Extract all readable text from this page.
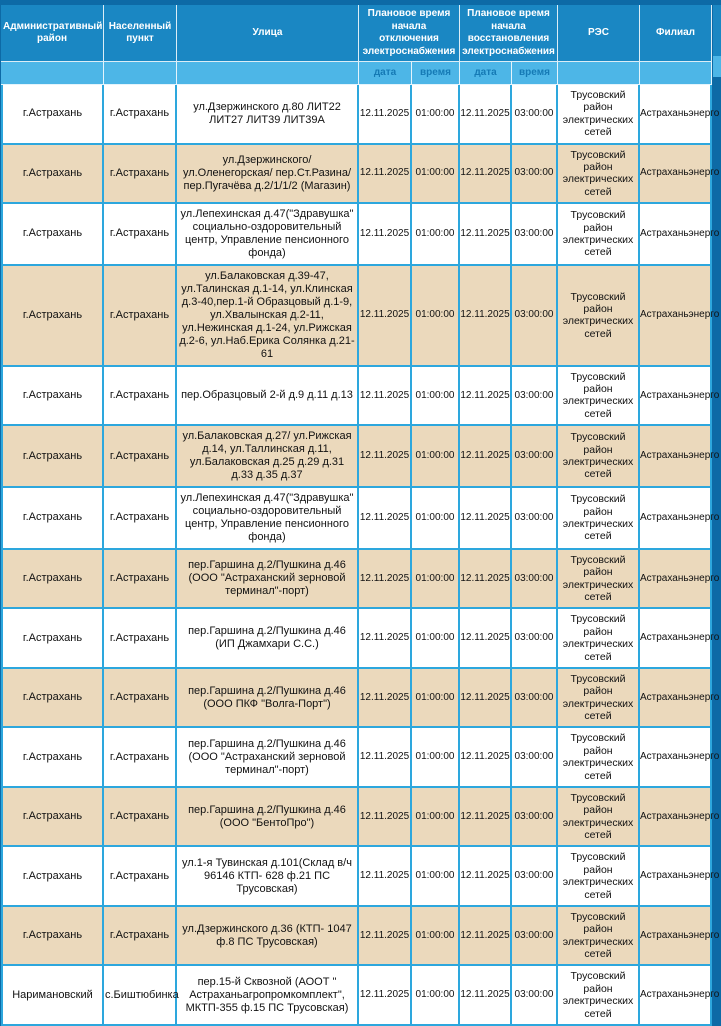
Административный район	Населенный пункт	Улица	Плановое время начала отключения электроснабжения		Плановое время начала восстановления электроснабжения		РЭС	Филиал
			дата	время	дата	время		
г.Астрахань	г.Астрахань	ул.Дзержинского д.80 ЛИТ22 ЛИТ27 ЛИТ39 ЛИТ39А	12.11.2025	01:00:00	12.11.2025	03:00:00	Трусовский район электрических сетей	Астраханьэнерго
г.Астрахань	г.Астрахань	ул.Дзержинского/ ул.Оленегорская/ пер.Ст.Разина/ пер.Пугачёва д.2/1/1/2 (Магазин)	12.11.2025	01:00:00	12.11.2025	03:00:00	Трусовский район электрических сетей	Астраханьэнерго
г.Астрахань	г.Астрахань	ул.Лепехинская д.47("Здравушка" социально-оздоровительный центр, Управление пенсионного фонда)	12.11.2025	01:00:00	12.11.2025	03:00:00	Трусовский район электрических сетей	Астраханьэнерго
г.Астрахань	г.Астрахань	ул.Балаковская д.39-47, ул.Талинская д.1-14, ул.Клинская д.3-40,пер.1-й Образцовый д.1-9, ул.Хвалынская д.2-11, ул.Нежинская д.1-24, ул.Рижская д.2-6, ул.Наб.Ерика Солянка д.21-61	12.11.2025	01:00:00	12.11.2025	03:00:00	Трусовский район электрических сетей	Астраханьэнерго
г.Астрахань	г.Астрахань	пер.Образцовый 2-й д.9 д.11 д.13	12.11.2025	01:00:00	12.11.2025	03:00:00	Трусовский район электрических сетей	Астраханьэнерго
г.Астрахань	г.Астрахань	ул.Балаковская д.27/ ул.Рижская д.14, ул.Таллинская д.11, ул.Балаковская д.25 д.29 д.31 д.33 д.35 д.37	12.11.2025	01:00:00	12.11.2025	03:00:00	Трусовский район электрических сетей	Астраханьэнерго
г.Астрахань	г.Астрахань	ул.Лепехинская д.47("Здравушка" социально-оздоровительный центр, Управление пенсионного фонда)	12.11.2025	01:00:00	12.11.2025	03:00:00	Трусовский район электрических сетей	Астраханьэнерго
г.Астрахань	г.Астрахань	пер.Гаршина д.2/Пушкина д.46 (ООО "Астраханский зерновой терминал"-порт)	12.11.2025	01:00:00	12.11.2025	03:00:00	Трусовский район электрических сетей	Астраханьэнерго
г.Астрахань	г.Астрахань	пер.Гаршина д.2/Пушкина д.46 (ИП Джамхари С.С.)	12.11.2025	01:00:00	12.11.2025	03:00:00	Трусовский район электрических сетей	Астраханьэнерго
г.Астрахань	г.Астрахань	пер.Гаршина д.2/Пушкина д.46 (ООО ПКФ "Волга-Порт")	12.11.2025	01:00:00	12.11.2025	03:00:00	Трусовский район электрических сетей	Астраханьэнерго
г.Астрахань	г.Астрахань	пер.Гаршина д.2/Пушкина д.46 (ООО "Астраханский зерновой терминал"-порт)	12.11.2025	01:00:00	12.11.2025	03:00:00	Трусовский район электрических сетей	Астраханьэнерго
г.Астрахань	г.Астрахань	пер.Гаршина д.2/Пушкина д.46 (ООО "БентоПро")	12.11.2025	01:00:00	12.11.2025	03:00:00	Трусовский район электрических сетей	Астраханьэнерго
г.Астрахань	г.Астрахань	ул.1-я Тувинская д.101(Склад в/ч 96146 КТП- 628 ф.21 ПС Трусовская)	12.11.2025	01:00:00	12.11.2025	03:00:00	Трусовский район электрических сетей	Астраханьэнерго
г.Астрахань	г.Астрахань	ул.Дзержинского д.36 (КТП- 1047 ф.8 ПС Трусовская)	12.11.2025	01:00:00	12.11.2025	03:00:00	Трусовский район электрических сетей	Астраханьэнерго
Наримановский	с.Биштюбинка	пер.15-й Сквозной (АООТ " Астраханьагропромкомплект", МКТП-355 ф.15 ПС Трусовская)	12.11.2025	01:00:00	12.11.2025	03:00:00	Трусовский район электрических сетей	Астраханьэнерго
